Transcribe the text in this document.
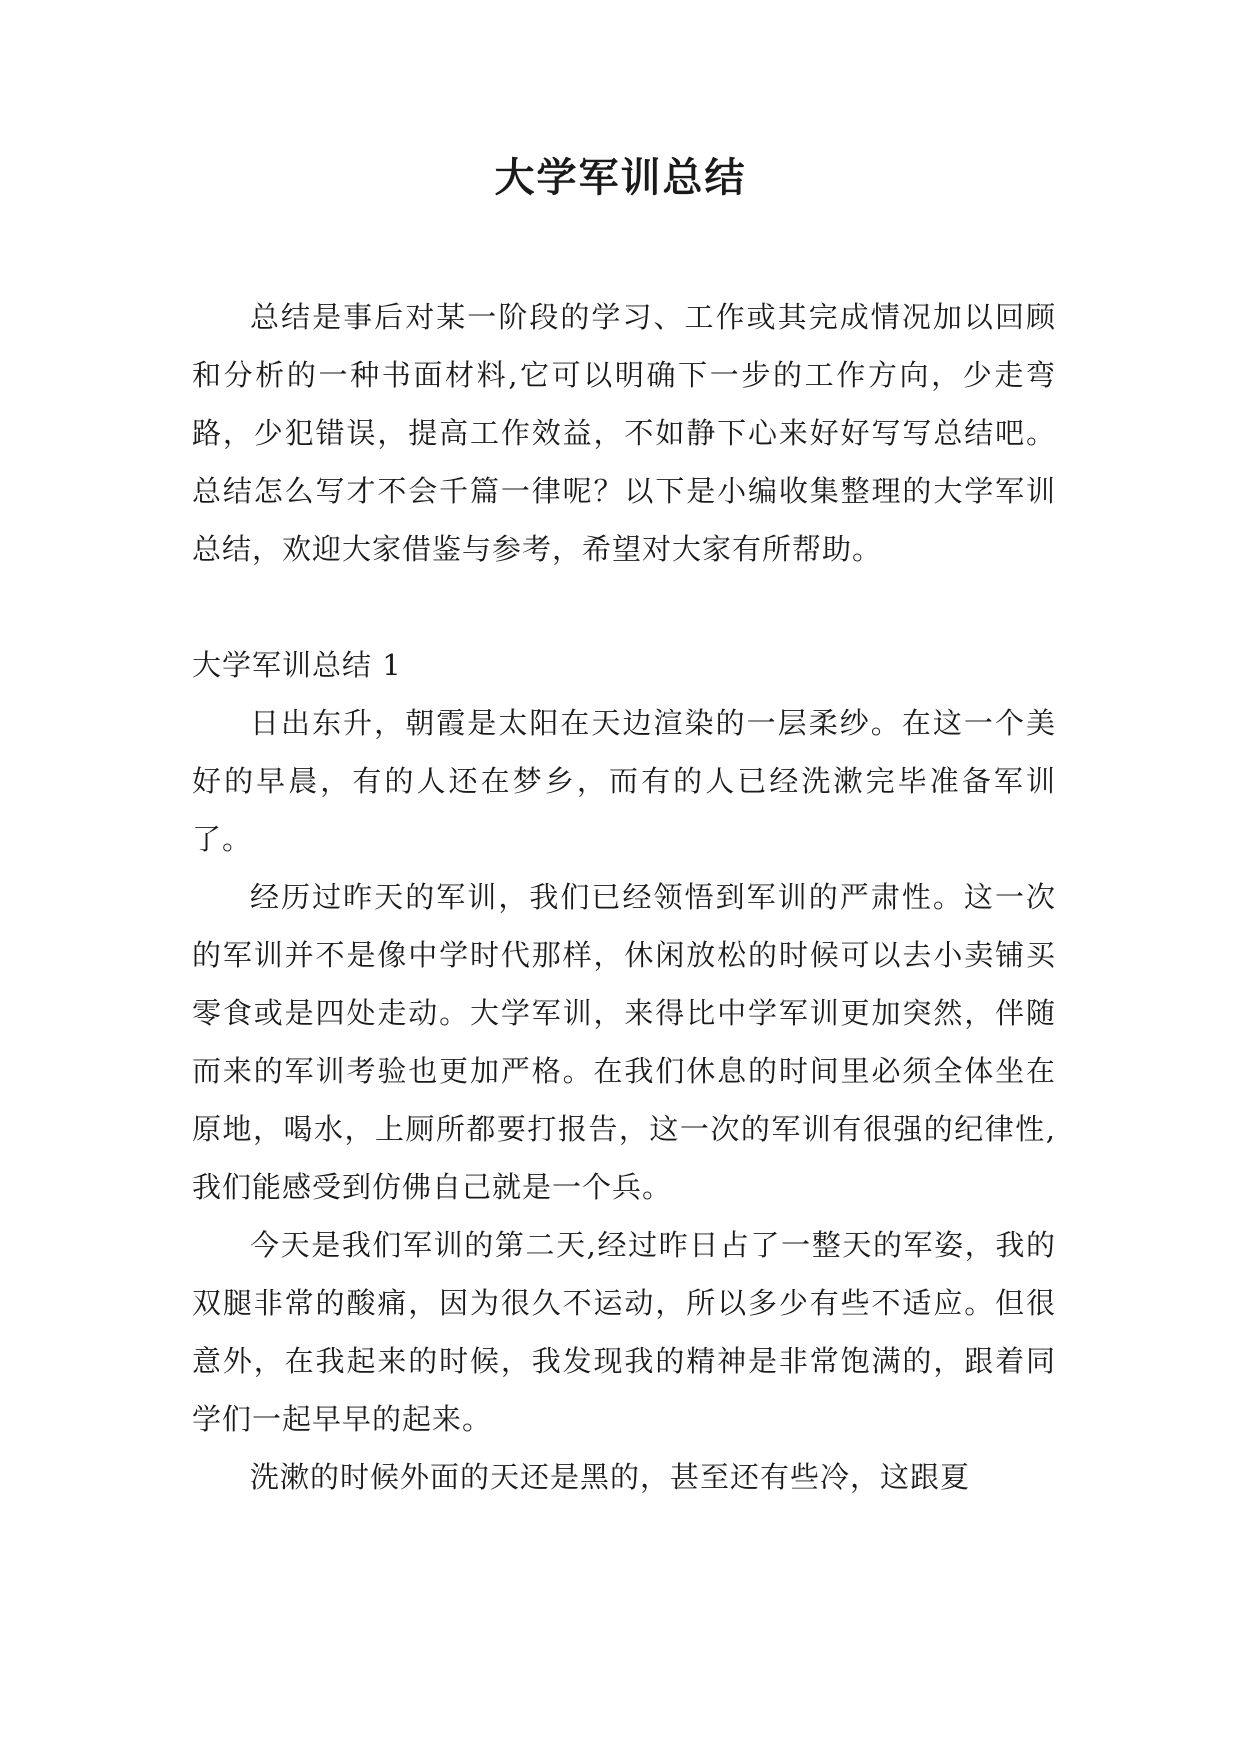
大学军训总结

总结是事后对某一阶段的学习、工作或其完成情况加以回顾和分析的一种书面材料,它可以明确下一步的工作方向，少走弯路，少犯错误，提高工作效益，不如静下心来好好写写总结吧。总结怎么写才不会千篇一律呢？以下是小编收集整理的大学军训总结，欢迎大家借鉴与参考，希望对大家有所帮助。

大学军训总结 1

日出东升，朝霞是太阳在天边渲染的一层柔纱。在这一个美好的早晨，有的人还在梦乡，而有的人已经洗漱完毕准备军训了。

经历过昨天的军训，我们已经领悟到军训的严肃性。这一次的军训并不是像中学时代那样，休闲放松的时候可以去小卖铺买零食或是四处走动。大学军训，来得比中学军训更加突然，伴随而来的军训考验也更加严格。在我们休息的时间里必须全体坐在原地，喝水，上厕所都要打报告，这一次的军训有很强的纪律性,我们能感受到仿佛自己就是一个兵。

今天是我们军训的第二天,经过昨日占了一整天的军姿，我的双腿非常的酸痛，因为很久不运动，所以多少有些不适应。但很意外，在我起来的时候，我发现我的精神是非常饱满的，跟着同学们一起早早的起来。

洗漱的时候外面的天还是黑的，甚至还有些冷，这跟夏
